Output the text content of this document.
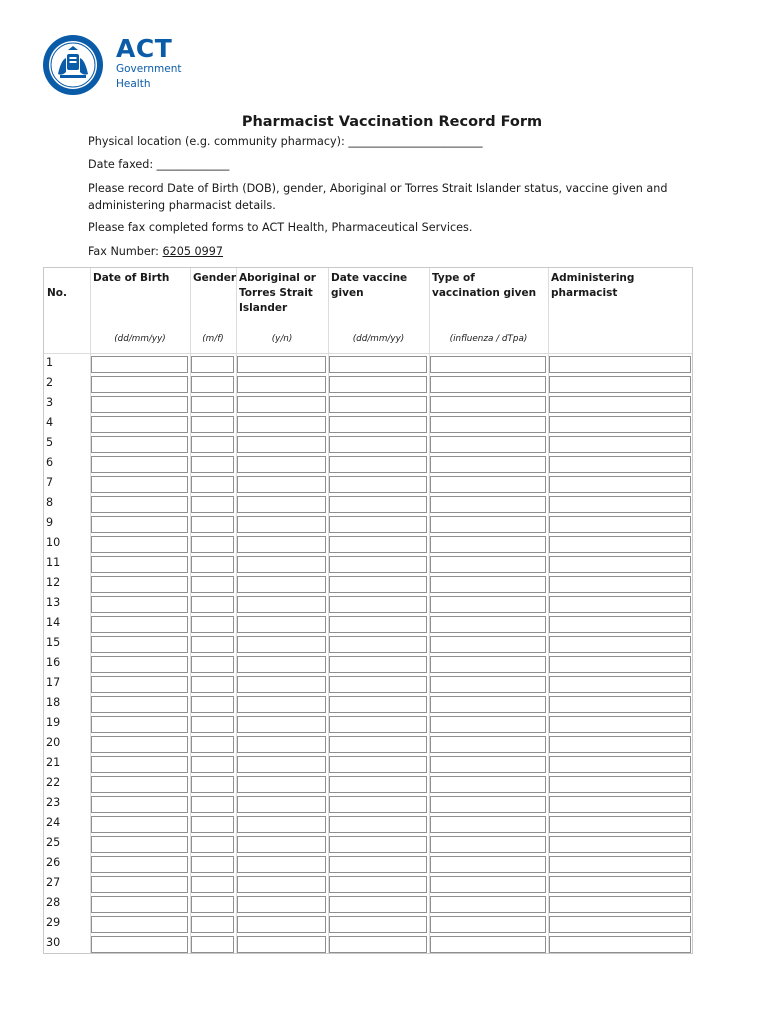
ACT
Government
Health
Pharmacist Vaccination Record Form
Physical location (e.g. community pharmacy): ________________________
Date faxed: _____________
Please record Date of Birth (DOB), gender, Aboriginal or Torres Strait Islander status, vaccine given and administering pharmacist details.
Please fax completed forms to ACT Health, Pharmaceutical Services.
Fax Number: 6205 0997
No.
Date of Birth
(dd/mm/yy)
Gender
(m/f)
Aboriginal or Torres Strait Islander
(y/n)
Date vaccine given
(dd/mm/yy)
Type of vaccination given
(influenza / dTpa)
Administering pharmacist
1
2
3
4
5
6
7
8
9
10
11
12
13
14
15
16
17
18
19
20
21
22
23
24
25
26
27
28
29
30
